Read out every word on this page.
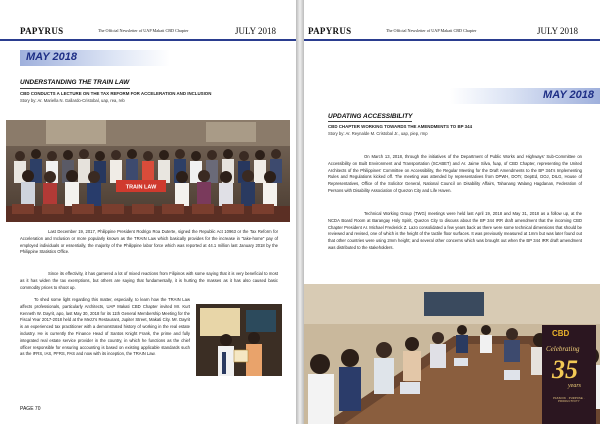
PAPYRUS	The Official Newsletter of UAP Makati CBD Chapter	JULY 2018
MAY 2018
UNDERSTANDING THE TRAIN LAW
CBD CONDUCTS A LECTURE ON THE TAX REFORM FOR ACCELERATION AND INCLUSION
Story by: Ar. Mariella N. Gallardo-Cristobal, uap, rea, reb
TRAIN LAW

Last December 19, 2017, Philippine President Rodrigo Roa Duterte, signed the Republic Act 10963 or the Tax Reform for Acceleration and Inclusion or more popularly known as the TRAIN Law which basically provides for the increase in "take-home" pay of employed individuals or essentially, the majority of the Philippine labor force which was reported at 44.1 million last January 2018 by the Philippine Statistics Office.

Since its effectivity, it has garnered a lot of mixed reactions from Filipinos with some saying that it is very beneficial to most as it has widen the tax exemptions, but others are saying that fundamentally, it is hurting the masses as it has also caused basic commodity prices to shoot up.

To shed some light regarding this matter, especially, to learn how the TRAIN Law affects professionals, particularly Architects, UAP Makati CBD Chapter invited Mr. Kurt Kenneth W. Dayrit, apo, last May 30, 2018 for its 11th General Membership Meeting for the Fiscal Year 2017-2018 held at the Mezz's Restaurant, Jupiter Street, Makati City. Mr. Dayrit is an experienced tax practitioner with a demonstrated history of working in the real estate industry. He is currently the Finance Head of Santos Knight Frank, the prime and fully integrated real estate service provider in the country, in which he functions as the chief officer responsible for ensuring accounting is based on existing applicable standards such as the IFRS, IAS, PFRS, PAS and now with its inception, the TRAIN Law.

PAGE 70
PAPYRUS	The Official Newsletter of UAP Makati CBD Chapter	JULY 2018
MAY 2018
UPDATING ACCESSIBILITY
CBD CHAPTER WORKING TOWARDS THE AMENDMENTS TO BP 344
Story by: Ar. Reynalde M. Cristobal Jr., uap, piep, rmp

On March 13, 2018, through the initiatives of the Department of Public Works and Highways' Sub-Committee on Accessibility on Built Environment and Transportation (SCABET) and Ar. Jaime Silva, fuap, of CBD Chapter, representing the United Architects of the Philippines' Committee on Accessibility, the Regular Meeting for the Draft Amendments to the BP 344's Implementing Rules and Regulations kicked off. The meeting was attended by representatives from DPWH, DOTr, DepEd, DOJ, DILG, House of Representatives, Office of the Solicitor General, National Council on Disability Affairs, Tahanang Walang Hagdanan, Federation of Persons with Disability Association of Quezon City and Life Haven.

Technical Working Group (TWG) meetings were held last April 19, 2018 and May 31, 2018 as a follow up, at the NCDA Board Room at Barangay Holy Spirit, Quezon City to discuss about the BP 344 IRR draft amendment that the incoming CBD Chapter President Ar. Michael Frederick Z. Lazo consolidated a few years back as there were some technical dimensions that should be reviewed and revised, one of which is the height of the tactile floor surfaces. It was previously measured at 1mm but was later found out that other countries were using 2mm height; and several other concerns which was brought out when the BP 344 IRR draft amendment was distributed to the stakeholders.

CBD
Celebrating
35
years
PASSION · PURPOSE · PRODUCTIVITY
